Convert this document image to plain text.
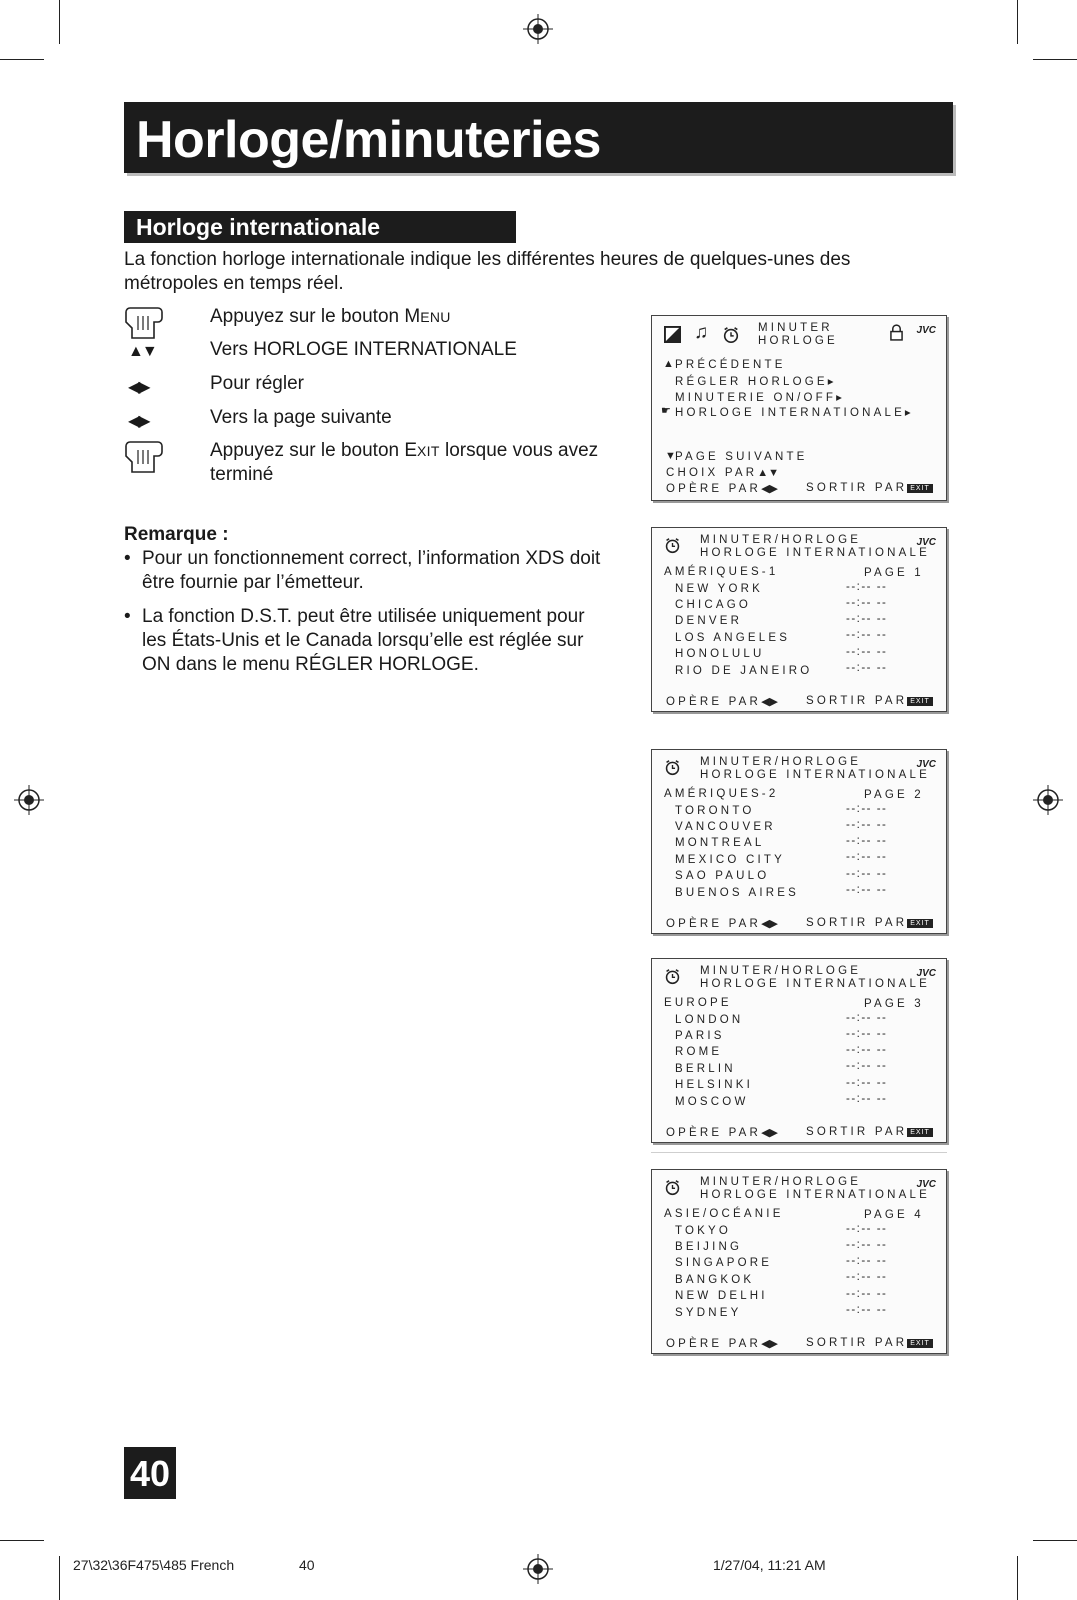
Horloge/minuteries
Horloge internationale
La fonction horloge internationale indique les différentes heures de quelques-unes des métropoles en temps réel.
Appuyez sur le bouton MENU
▲▼	Vers HORLOGE INTERNATIONALE
◀▶	Pour régler
◀▶	Vers la page suivante
Appuyez sur le bouton EXIT lorsque vous avez
terminé
Remarque :
• Pour un fonctionnement correct, l’information XDS doit
être fournie par l’émetteur.
• La fonction D.S.T. peut être utilisée uniquement pour
les États-Unis et le Canada lorsqu’elle est réglée sur
ON dans le menu RÉGLER HORLOGE.
♫	MINUTER
HORLOGE
JVC
▲ PRÉCÉDENTE
RÉGLER HORLOGE▸
MINUTERIE ON/OFF▸
☛ HORLOGE INTERNATIONALE▸
▼ PAGE SUIVANTE
CHOIX PAR▲▼
OPÈRE PAR◀▶ SORTIR PAR EXIT
MINUTER/HORLOGE
HORLOGE INTERNATIONALE
JVC
AMÉRIQUES-1	PAGE 1
NEW YORK	--:-- --
CHICAGO	--:-- --
DENVER	--:-- --
LOS ANGELES	--:-- --
HONOLULU	--:-- --
RIO DE JANEIRO	--:-- --
OPÈRE PAR◀▶ SORTIR PAR EXIT
MINUTER/HORLOGE
HORLOGE INTERNATIONALE
JVC
AMÉRIQUES-2	PAGE 2
TORONTO	--:-- --
VANCOUVER	--:-- --
MONTREAL	--:-- --
MEXICO CITY	--:-- --
SAO PAULO	--:-- --
BUENOS AIRES	--:-- --
OPÈRE PAR◀▶ SORTIR PAR EXIT
MINUTER/HORLOGE
HORLOGE INTERNATIONALE
JVC
EUROPE	PAGE 3
LONDON	--:-- --
PARIS	--:-- --
ROME	--:-- --
BERLIN	--:-- --
HELSINKI	--:-- --
MOSCOW	--:-- --
OPÈRE PAR◀▶ SORTIR PAR EXIT
MINUTER/HORLOGE
HORLOGE INTERNATIONALE
JVC
ASIE/OCÉANIE	PAGE 4
TOKYO	--:-- --
BEIJING	--:-- --
SINGAPORE	--:-- --
BANGKOK	--:-- --
NEW DELHI	--:-- --
SYDNEY	--:-- --
OPÈRE PAR◀▶ SORTIR PAR EXIT
40
27\32\36F475\485 French	40	1/27/04, 11:21 AM
